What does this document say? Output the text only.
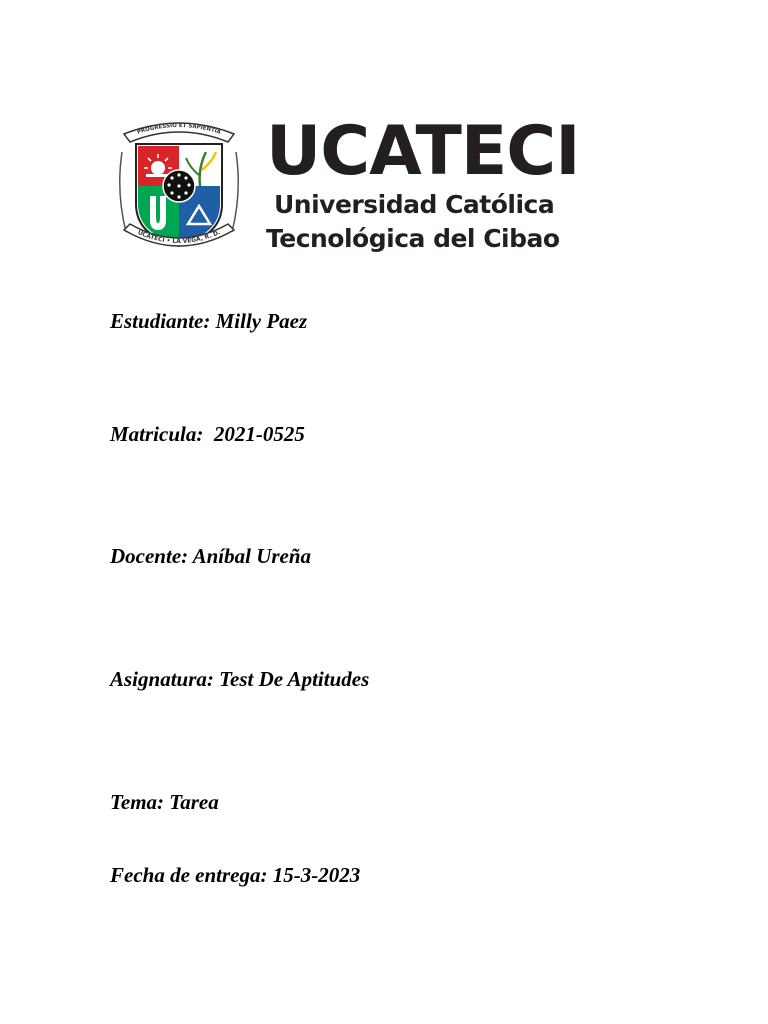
PROGRESSIO ET SAPIENTIA
UCATECI • LA VEGA, R. D.

UCATECI

Universidad Católica

Tecnológica del Cibao

Estudiante: Milly Paez
Matricula:  2021-0525
Docente: Aníbal Ureña
Asignatura: Test De Aptitudes
Tema: Tarea
Fecha de entrega: 15-3-2023
